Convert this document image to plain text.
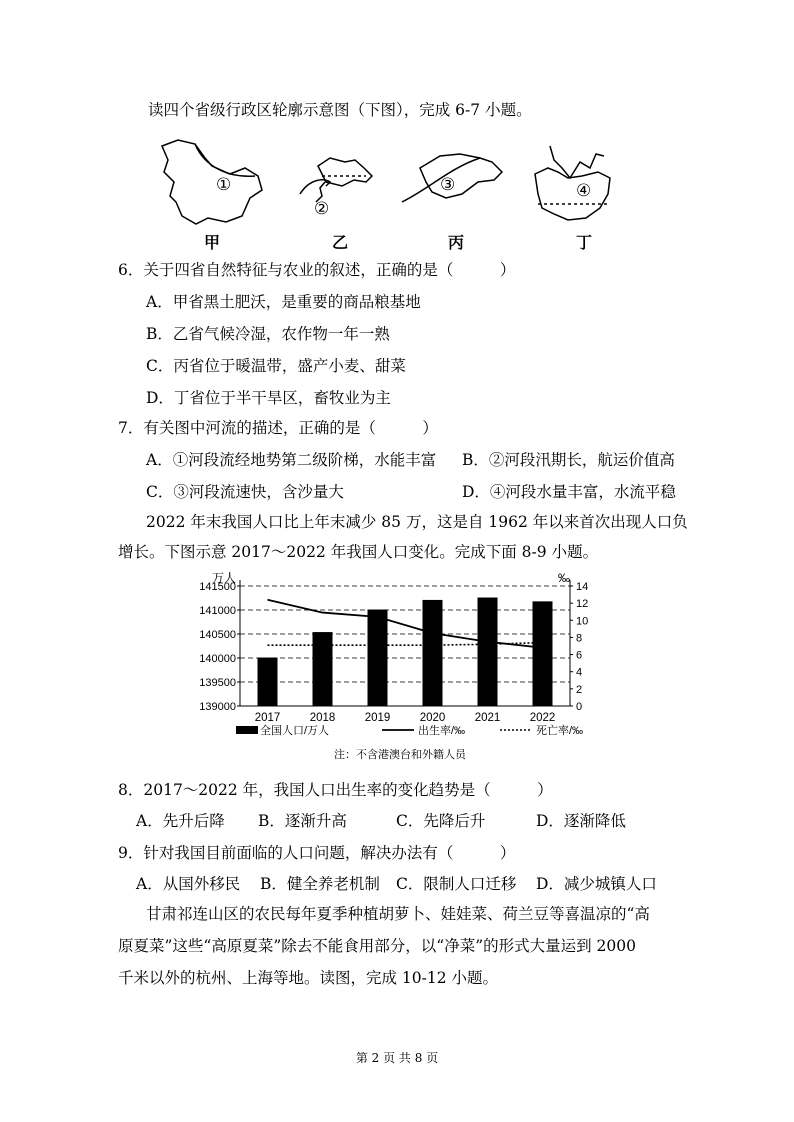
读四个省级行政区轮廓示意图（下图），完成 6-7 小题。
①
②
③	④
甲	乙	丙	丁
6．关于四省自然特征与农业的叙述，正确的是（　　　）
A．甲省黑土肥沃，是重要的商品粮基地
B．乙省气候冷湿，农作物一年一熟
C．丙省位于暖温带，盛产小麦、甜菜
D．丁省位于半干旱区，畜牧业为主
7．有关图中河流的描述，正确的是（　　　）
A．①河段流经地势第二级阶梯，水能丰富 B．②河段汛期长，航运价值高
C．③河段流速快，含沙量大	D．④河段水量丰富，水流平稳
2022 年末我国人口比上年末减少 85 万，这是自 1962 年以来首次出现人口负
增长。下图示意 2017～2022 年我国人口变化。完成下面 8-9 小题。
139000
139500
140000
140500
141000
141500
0
2
4
6
8
10
12
14
万人	‰
2017	2018	2019	2020	2021	2022
全国人口/万人	出生率/‰	死亡率/‰
注：不含港澳台和外籍人员
8．2017～2022 年，我国人口出生率的变化趋势是（　　　）
A．先升后降 B．逐渐升高	C．先降后升	D．逐渐降低
9．针对我国目前面临的人口问题，解决办法有（　　　）
A．从国外移民 B．健全养老机制 C．限制人口迁移 D．减少城镇人口
甘肃祁连山区的农民每年夏季种植胡萝卜、娃娃菜、荷兰豆等喜温凉的“高
原夏菜”这些“高原夏菜”除去不能食用部分，以“净菜”的形式大量运到 2000
千米以外的杭州、上海等地。读图，完成 10-12 小题。
第 2 页 共 8 页
